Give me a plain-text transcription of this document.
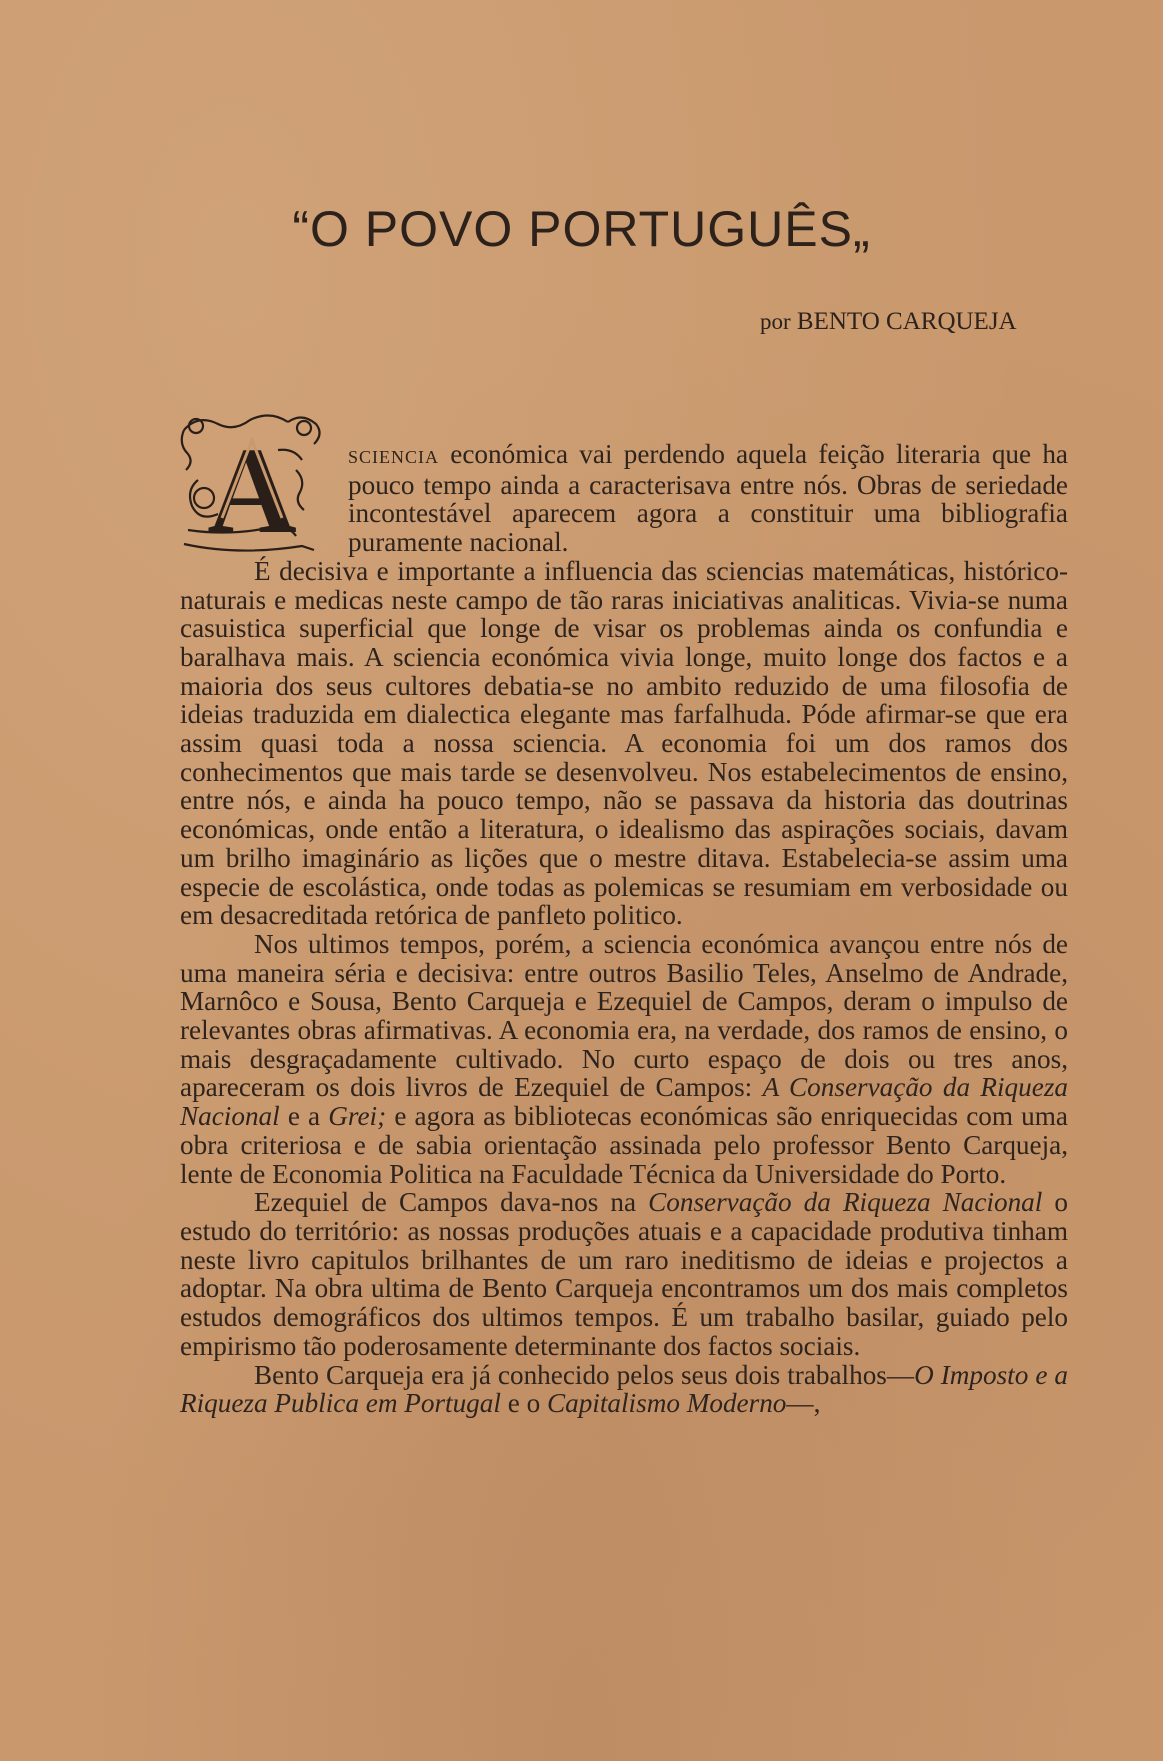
“O POVO PORTUGUÊS„
por BENTO CARQUEJA
A	sciencia económica vai perdendo aquela feição literaria que ha pouco tempo ainda a caracterisava entre nós. Obras de seriedade incontestável aparecem agora a constituir uma bibliografia puramente nacional.

É decisiva e importante a influencia das sciencias matemáticas, histórico-naturais e medicas neste campo de tão raras iniciativas analiticas. Vivia-se numa casuistica superficial que longe de visar os problemas ainda os confundia e baralhava mais. A sciencia económica vivia longe, muito longe dos factos e a maioria dos seus cultores debatia-se no ambito reduzido de uma filosofia de ideias traduzida em dialectica elegante mas farfalhuda. Póde afirmar-se que era assim quasi toda a nossa sciencia. A economia foi um dos ramos dos conhecimentos que mais tarde se desenvolveu. Nos estabelecimentos de ensino, entre nós, e ainda ha pouco tempo, não se passava da historia das doutrinas económicas, onde então a literatura, o idealismo das aspirações sociais, davam um brilho imaginário as lições que o mestre ditava. Estabelecia-se assim uma especie de escolástica, onde todas as polemicas se resumiam em verbosidade ou em desacreditada retórica de panfleto politico.

Nos ultimos tempos, porém, a sciencia económica avançou entre nós de uma maneira séria e decisiva: entre outros Basilio Teles, Anselmo de Andrade, Marnôco e Sousa, Bento Carqueja e Ezequiel de Campos, deram o impulso de relevantes obras afirmativas. A economia era, na verdade, dos ramos de ensino, o mais desgraçadamente cultivado. No curto espaço de dois ou tres anos, apareceram os dois livros de Ezequiel de Campos: A Conservação da Riqueza Nacional e a Grei; e agora as bibliotecas económicas são enriquecidas com uma obra criteriosa e de sabia orientação assinada pelo professor Bento Carqueja, lente de Economia Politica na Faculdade Técnica da Universidade do Porto.

Ezequiel de Campos dava-nos na Conservação da Riqueza Nacional o estudo do território: as nossas produções atuais e a capacidade produtiva tinham neste livro capitulos brilhantes de um raro ineditismo de ideias e projectos a adoptar. Na obra ultima de Bento Carqueja encontramos um dos mais completos estudos demográficos dos ultimos tempos. É um trabalho basilar, guiado pelo empirismo tão poderosamente determinante dos factos sociais.

Bento Carqueja era já conhecido pelos seus dois trabalhos—O Imposto e a Riqueza Publica em Portugal e o Capitalismo Moderno—,
